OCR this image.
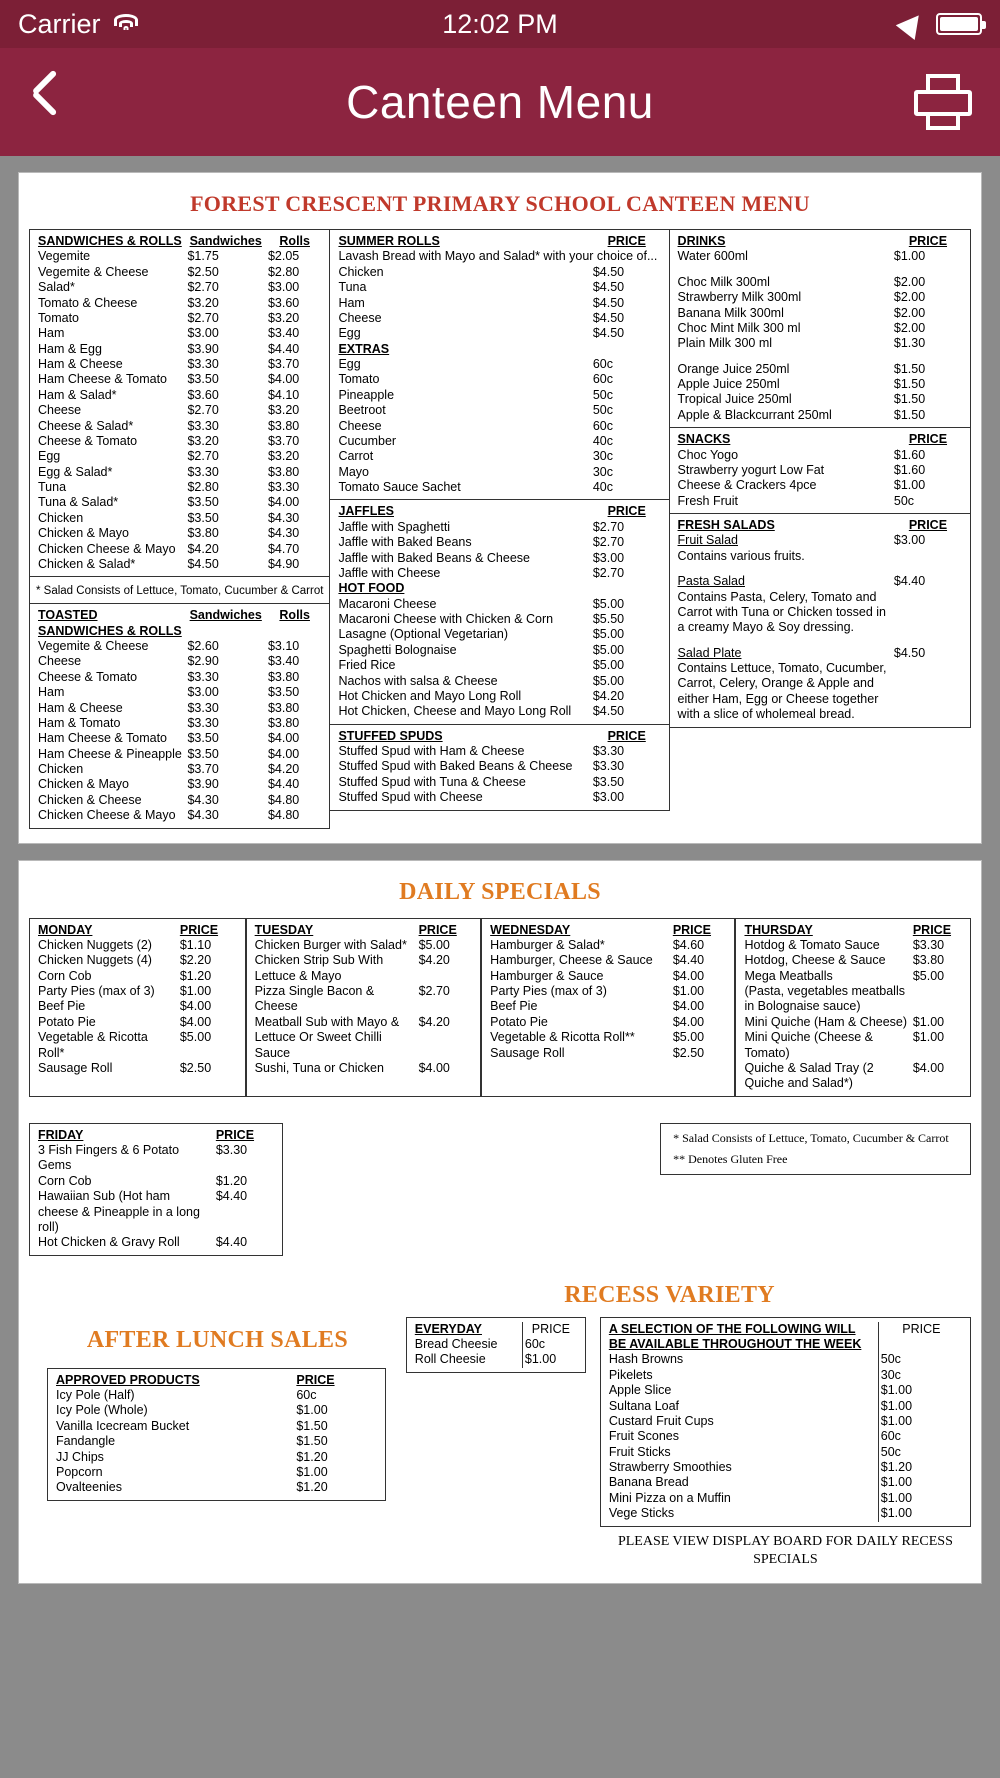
Carrier	12:02 PM
Canteen Menu
FOREST CRESCENT PRIMARY SCHOOL CANTEEN MENU
SANDWICHES & ROLLS	Sandwiches	Rolls
Vegemite	$1.75	$2.05
Vegemite & Cheese	$2.50	$2.80
Salad*	$2.70	$3.00
Tomato & Cheese	$3.20	$3.60
Tomato	$2.70	$3.20
Ham	$3.00	$3.40
Ham & Egg	$3.90	$4.40
Ham & Cheese	$3.30	$3.70
Ham Cheese & Tomato	$3.50	$4.00
Ham & Salad*	$3.60	$4.10
Cheese	$2.70	$3.20
Cheese & Salad*	$3.30	$3.80
Cheese & Tomato	$3.20	$3.70
Egg	$2.70	$3.20
Egg & Salad*	$3.30	$3.80
Tuna	$2.80	$3.30
Tuna & Salad*	$3.50	$4.00
Chicken	$3.50	$4.30
Chicken & Mayo	$3.80	$4.30
Chicken Cheese & Mayo	$4.20	$4.70
Chicken & Salad*	$4.50	$4.90
* Salad Consists of Lettuce, Tomato, Cucumber & Carrot
TOASTED SANDWICHES & ROLLS	Sandwiches	Rolls
Vegemite & Cheese	$2.60	$3.10
Cheese	$2.90	$3.40
Cheese & Tomato	$3.30	$3.80
Ham	$3.00	$3.50
Ham & Cheese	$3.30	$3.80
Ham & Tomato	$3.30	$3.80
Ham Cheese & Tomato	$3.50	$4.00
Ham Cheese & Pineapple	$3.50	$4.00
Chicken	$3.70	$4.20
Chicken & Mayo	$3.90	$4.40
Chicken & Cheese	$4.30	$4.80
Chicken Cheese & Mayo	$4.30	$4.80
SUMMER ROLLS	PRICE
Lavash Bread with Mayo and Salad* with your choice of...	
Chicken	$4.50
Tuna	$4.50
Ham	$4.50
Cheese	$4.50
Egg	$4.50
EXTRAS	
Egg	60c
Tomato	60c
Pineapple	50c
Beetroot	50c
Cheese	60c
Cucumber	40c
Carrot	30c
Mayo	30c
Tomato Sauce Sachet	40c
JAFFLES	PRICE
Jaffle with Spaghetti	$2.70
Jaffle with Baked Beans	$2.70
Jaffle with Baked Beans & Cheese	$3.00
Jaffle with Cheese	$2.70
HOT FOOD	
Macaroni Cheese	$5.00
Macaroni Cheese with Chicken & Corn	$5.50
Lasagne (Optional Vegetarian)	$5.00
Spaghetti Bolognaise	$5.00
Fried Rice	$5.00
Nachos with salsa & Cheese	$5.00
Hot Chicken and Mayo Long Roll	$4.20
Hot Chicken, Cheese and Mayo Long Roll	$4.50
STUFFED SPUDS	PRICE
Stuffed Spud with Ham & Cheese	$3.30
Stuffed Spud with Baked Beans & Cheese	$3.30
Stuffed Spud with Tuna & Cheese	$3.50
Stuffed Spud with Cheese	$3.00
DRINKS	PRICE
Water 600ml	$1.00

Choc Milk 300ml	$2.00
Strawberry Milk 300ml	$2.00
Banana Milk 300ml	$2.00
Choc Mint Milk 300 ml	$2.00
Plain Milk 300 ml	$1.30

Orange Juice 250ml	$1.50
Apple Juice 250ml	$1.50
Tropical Juice 250ml	$1.50
Apple & Blackcurrant 250ml	$1.50
SNACKS	PRICE
Choc Yogo	$1.60
Strawberry yogurt Low Fat	$1.60
Cheese & Crackers 4pce	$1.00
Fresh Fruit	50c
FRESH SALADS	PRICE
Fruit Salad	$3.00
Contains various fruits.	

Pasta Salad	$4.40
Contains Pasta, Celery, Tomato and Carrot with Tuna or Chicken tossed in a creamy Mayo & Soy dressing.	

Salad Plate	$4.50
Contains Lettuce, Tomato, Cucumber, Carrot, Celery, Orange & Apple and either Ham, Egg or Cheese together with a slice of wholemeal bread.	
DAILY SPECIALS
MONDAY	PRICE
Chicken Nuggets (2)	$1.10
Chicken Nuggets (4)	$2.20
Corn Cob	$1.20
Party Pies (max of 3)	$1.00
Beef Pie	$4.00
Potato Pie	$4.00
Vegetable & Ricotta Roll*	$5.00
Sausage Roll	$2.50
TUESDAY	PRICE
Chicken Burger with Salad*	$5.00
Chicken Strip Sub With Lettuce & Mayo	$4.20
Pizza Single Bacon & Cheese	$2.70
Meatball Sub with Mayo & Lettuce Or Sweet Chilli Sauce	$4.20
Sushi, Tuna or Chicken	$4.00
WEDNESDAY	PRICE
Hamburger & Salad*	$4.60
Hamburger, Cheese & Sauce	$4.40
Hamburger & Sauce	$4.00
Party Pies (max of 3)	$1.00
Beef Pie	$4.00
Potato Pie	$4.00
Vegetable & Ricotta Roll**	$5.00
Sausage Roll	$2.50
THURSDAY	PRICE
Hotdog & Tomato Sauce	$3.30
Hotdog, Cheese & Sauce	$3.80
Mega Meatballs	$5.00
(Pasta, vegetables meatballs in Bolognaise sauce)	
Mini Quiche (Ham & Cheese)	$1.00
Mini Quiche (Cheese & Tomato)	$1.00
Quiche & Salad Tray (2 Quiche and Salad*)	$4.00
FRIDAY	PRICE
3 Fish Fingers & 6 Potato Gems	$3.30
Corn Cob	$1.20
Hawaiian Sub (Hot ham cheese & Pineapple in a long roll)	$4.40
Hot Chicken & Gravy Roll	$4.40
* Salad Consists of Lettuce, Tomato, Cucumber & Carrot
** Denotes Gluten Free
RECESS VARIETY
AFTER LUNCH SALES
APPROVED PRODUCTS	PRICE
Icy Pole (Half)	60c
Icy Pole (Whole)	$1.00
Vanilla Icecream Bucket	$1.50
Fandangle	$1.50
JJ Chips	$1.20
Popcorn	$1.00
Ovalteenies	$1.20
EVERYDAY	PRICE
Bread Cheesie	60c
Roll Cheesie	$1.00
A SELECTION OF THE FOLLOWING WILL BE AVAILABLE THROUGHOUT THE WEEK	PRICE
Hash Browns	50c
Pikelets	30c
Apple Slice	$1.00
Sultana Loaf	$1.00
Custard Fruit Cups	$1.00
Fruit Scones	60c
Fruit Sticks	50c
Strawberry Smoothies	$1.20
Banana Bread	$1.00
Mini Pizza on a Muffin	$1.00
Vege Sticks	$1.00
PLEASE VIEW DISPLAY BOARD FOR DAILY RECESS SPECIALS
